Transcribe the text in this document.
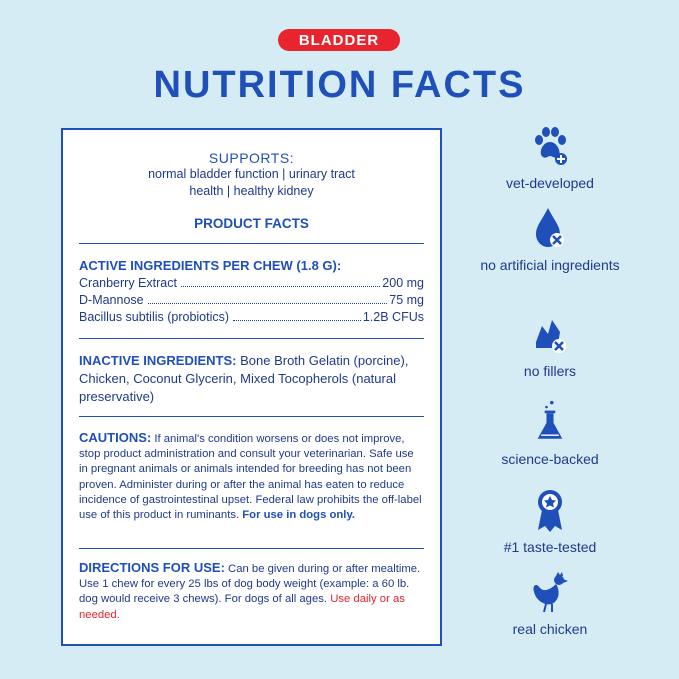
BLADDER
NUTRITION FACTS
SUPPORTS:
normal bladder function | urinary tract
health | healthy kidney
PRODUCT FACTS
ACTIVE INGREDIENTS PER CHEW (1.8 G):
Cranberry Extract	200 mg
D-Mannose	75 mg
Bacillus subtilis (probiotics)	1.2B CFUs
INACTIVE INGREDIENTS: Bone Broth Gelatin (porcine), Chicken, Coconut Glycerin, Mixed Tocopherols (natural preservative)
CAUTIONS: If animal's condition worsens or does not improve, stop product administration and consult your veterinarian. Safe use in pregnant animals or animals intended for breeding has not been proven. Administer during or after the animal has eaten to reduce incidence of gastrointestinal upset. Federal law prohibits the off-label use of this product in ruminants. For use in dogs only.
DIRECTIONS FOR USE: Can be given during or after mealtime. Use 1 chew for every 25 lbs of dog body weight (example: a 60 lb. dog would receive 3 chews). For dogs of all ages. Use daily or as needed.
vet-developed
no artificial ingredients
no fillers
science-backed
#1 taste-tested
real chicken
